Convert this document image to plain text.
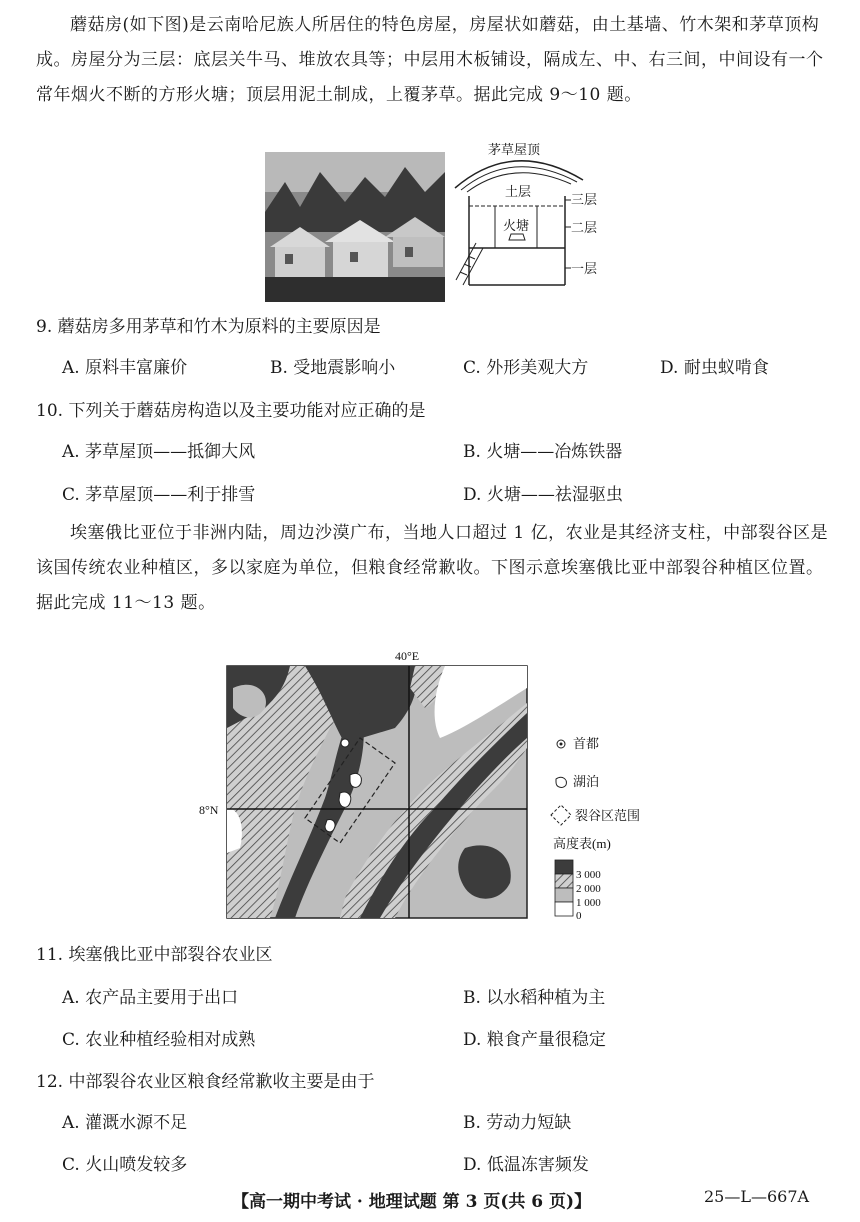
蘑菇房(如下图)是云南哈尼族人所居住的特色房屋，房屋状如蘑菇，由土基墙、竹木架和茅草顶构成。房屋分为三层：底层关牛马、堆放农具等；中层用木板铺设，隔成左、中、右三间，中间设有一个常年烟火不断的方形火塘；顶层用泥土制成，上覆茅草。据此完成 9～10 题。

茅草屋顶
土层
火塘
三层
二层
一层
9. 蘑菇房多用茅草和竹木为原料的主要原因是
A. 原料丰富廉价	B. 受地震影响小	C. 外形美观大方	D. 耐虫蚁啃食
10. 下列关于蘑菇房构造以及主要功能对应正确的是
A. 茅草屋顶——抵御大风	B. 火塘——冶炼铁器
C. 茅草屋顶——利于排雪	D. 火塘——祛湿驱虫

埃塞俄比亚位于非洲内陆，周边沙漠广布，当地人口超过 1 亿，农业是其经济支柱，中部裂谷区是该国传统农业种植区，多以家庭为单位，但粮食经常歉收。下图示意埃塞俄比亚中部裂谷种植区位置。据此完成 11～13 题。

40°E
8°N
首都
湖泊
裂谷区范围
高度表(m)
3 000
2 000
1 000
0
11. 埃塞俄比亚中部裂谷农业区
A. 农产品主要用于出口	B. 以水稻种植为主
C. 农业种植经验相对成熟	D. 粮食产量很稳定
12. 中部裂谷农业区粮食经常歉收主要是由于
A. 灌溉水源不足	B. 劳动力短缺
C. 火山喷发较多	D. 低温冻害频发
【高一期中考试 · 地理试题 第 3 页(共 6 页)】	25—L—667A
